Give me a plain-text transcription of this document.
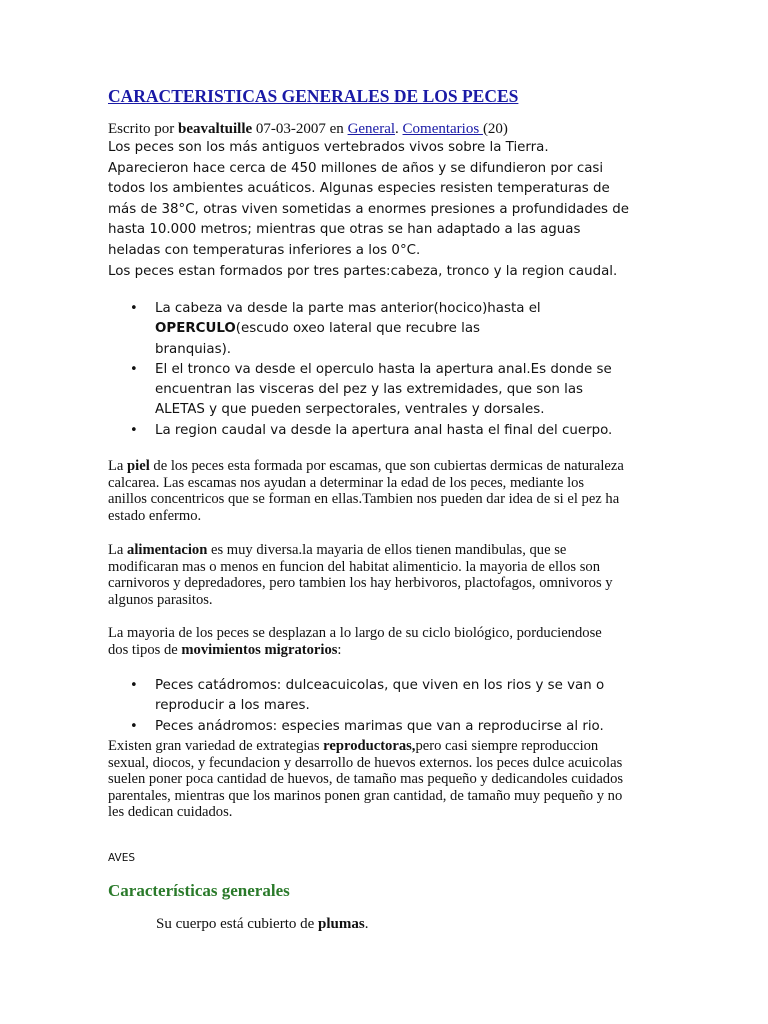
CARACTERISTICAS GENERALES DE LOS PECES
Escrito por beavaltuille 07-03-2007 en General. Comentarios (20)
Los peces son los más antiguos vertebrados vivos sobre la Tierra.
Aparecieron hace cerca de 450 millones de años y se difundieron por casi
todos los ambientes acuáticos. Algunas especies resisten temperaturas de
más de 38°C, otras viven sometidas a enormes presiones a profundidades de
hasta 10.000 metros; mientras que otras se han adaptado a las aguas
heladas con temperaturas inferiores a los 0°C.
Los peces estan formados por tres partes:cabeza, tronco y la region caudal.
• La cabeza va desde la parte mas anterior(hocico)hasta el
OPERCULO(escudo oxeo lateral que recubre las
branquias).
• El el tronco va desde el operculo hasta la apertura anal.Es donde se
encuentran las visceras del pez y las extremidades, que son las
ALETAS y que pueden serpectorales, ventrales y dorsales.
• La region caudal va desde la apertura anal hasta el final del cuerpo.
La piel de los peces esta formada por escamas, que son cubiertas dermicas de naturaleza
calcarea. Las escamas nos ayudan a determinar la edad de los peces, mediante los
anillos concentricos que se forman en ellas.Tambien nos pueden dar idea de si el pez ha
estado enfermo.
La alimentacion es muy diversa.la mayaria de ellos tienen mandibulas, que se
modificaran mas o menos en funcion del habitat alimenticio. la mayoria de ellos son
carnivoros y depredadores, pero tambien los hay herbivoros, plactofagos, omnivoros y
algunos parasitos.
La mayoria de los peces se desplazan a lo largo de su ciclo biológico, porduciendose
dos tipos de movimientos migratorios:
• Peces catádromos: dulceacuicolas, que viven en los rios y se van o
reproducir a los mares.
• Peces anádromos: especies marimas que van a reproducirse al rio.
Existen gran variedad de extrategias reproductoras,pero casi siempre reproduccion
sexual, diocos, y fecundacion y desarrollo de huevos externos. los peces dulce acuicolas
suelen poner poca cantidad de huevos, de tamaño mas pequeño y dedicandoles cuidados
parentales, mientras que los marinos ponen gran cantidad, de tamaño muy pequeño y no
les dedican cuidados.
AVES
Características generales
Su cuerpo está cubierto de plumas.
